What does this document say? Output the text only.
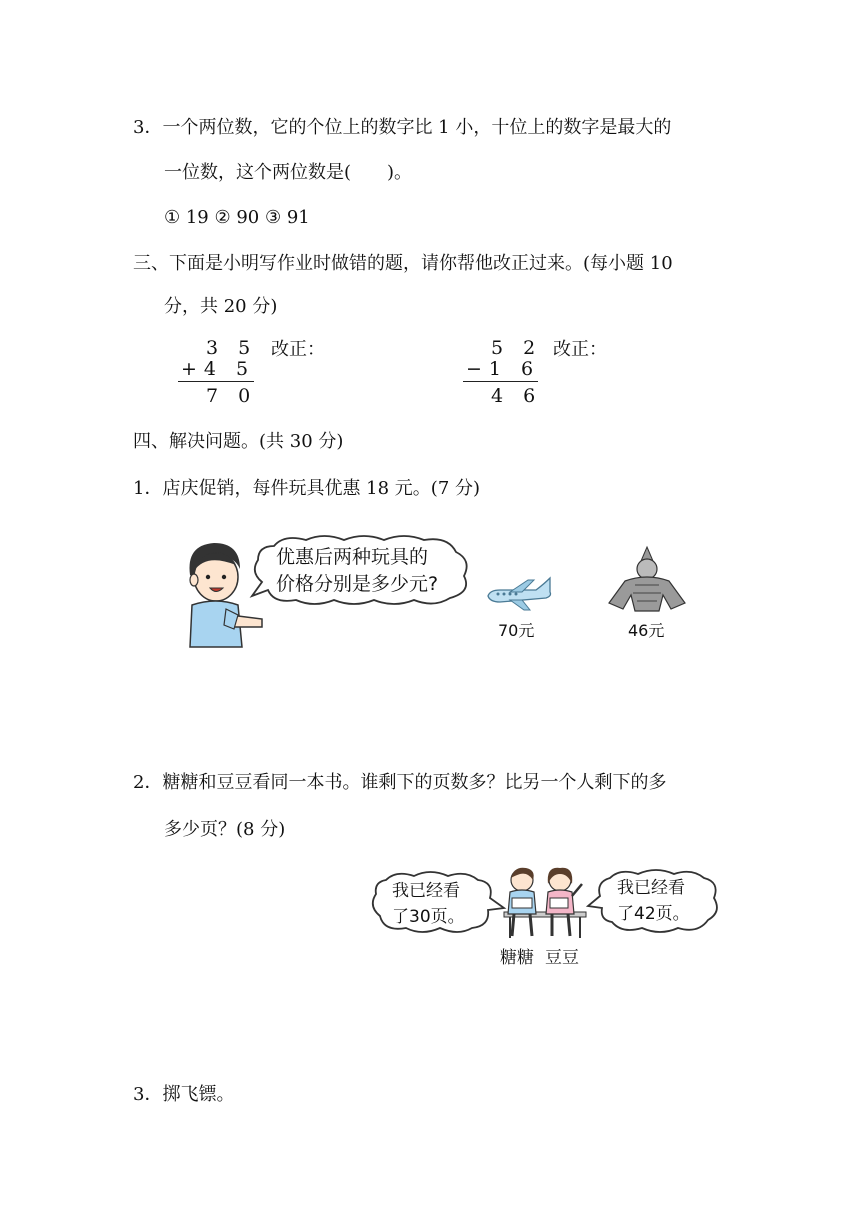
3．一个两位数，它的个位上的数字比 1 小，十位上的数字是最大的
一位数，这个两位数是(　　)。
① 19 ② 90 ③ 91
三、下面是小明写作业时做错的题，请你帮他改正过来。(每小题 10
分，共 20 分)
3 5
+4 5
7 0
改正：	5 2
−1 6
4 6
改正：
四、解决问题。(共 30 分)
1．店庆促销，每件玩具优惠 18 元。(7 分)
优惠后两种玩具的
价格分别是多少元?
70元	46元
2．糖糖和豆豆看同一本书。谁剩下的页数多？比另一个人剩下的多
多少页？(8 分)
我已经看
了30页。
我已经看
了42页。
糖糖 豆豆
3．掷飞镖。
